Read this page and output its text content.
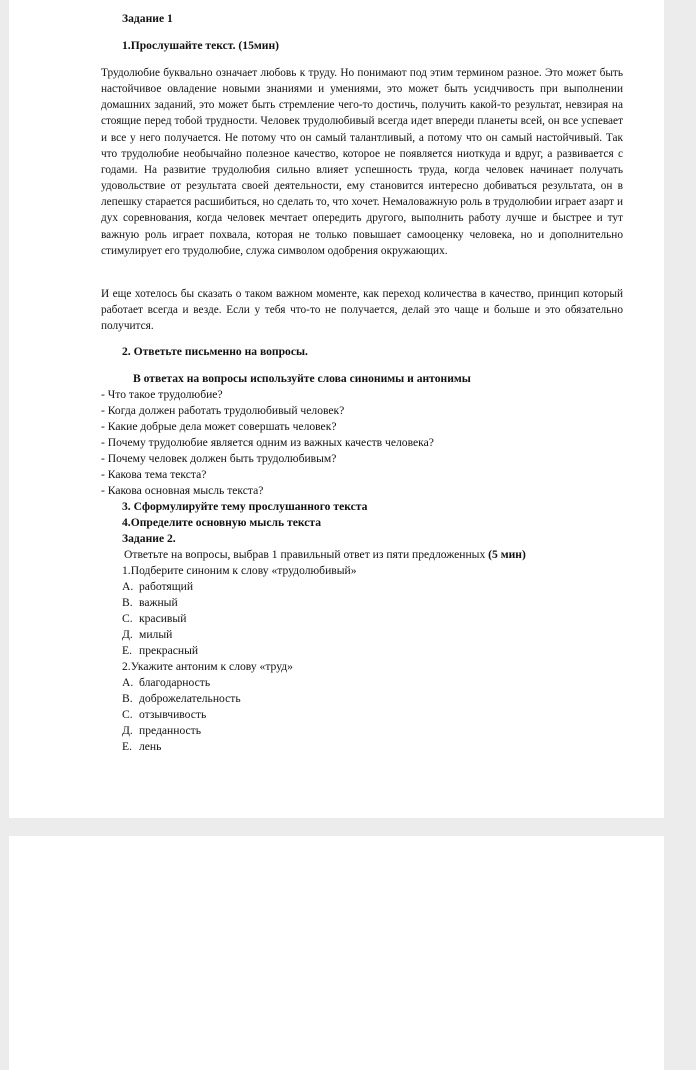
Задание 1
1.Прослушайте текст. (15мин)
Трудолюбие буквально означает любовь к труду. Но понимают под этим термином разное. Это может быть настойчивое овладение новыми знаниями и умениями, это может быть усидчивость при выполнении домашних заданий, это может быть стремление чего-то достичь, получить какой-то результат, невзирая на стоящие перед тобой трудности. Человек трудолюбивый всегда идет впереди планеты всей, он все успевает и все у него получается. Не потому что он самый талантливый, а потому что он самый настойчивый. Так что трудолюбие необычайно полезное качество, которое не появляется ниоткуда и вдруг, а развивается с годами. На развитие трудолюбия сильно влияет успешность труда, когда человек начинает получать удовольствие от результата своей деятельности, ему становится интересно добиваться результата, он в лепешку старается расшибиться, но сделать то, что хочет. Немаловажную роль в трудолюбии играет азарт и дух соревнования, когда человек мечтает опередить другого, выполнить работу лучше и быстрее и тут важную роль играет похвала, которая не только повышает самооценку человека, но и дополнительно стимулирует его трудолюбие, служа символом одобрения окружающих.
И еще хотелось бы сказать о таком важном моменте, как переход количества в качество, принцип который работает всегда и везде. Если у тебя что-то не получается, делай это чаще и больше и это обязательно получится.
2. Ответьте письменно на вопросы.
В ответах на вопросы используйте слова синонимы и антонимы
- Что такое трудолюбие?
- Когда должен работать трудолюбивый человек?
- Какие добрые дела может совершать человек?
- Почему трудолюбие является одним из важных качеств человека?
- Почему человек должен быть трудолюбивым?
- Какова тема текста?
- Какова основная мысль текста?
3. Сформулируйте тему прослушанного текста
4.Определите основную мысль текста
Задание 2.
Ответьте на вопросы, выбрав 1 правильный ответ из пяти предложенных (5 мин)
1.Подберите синоним к слову «трудолюбивый»
A. работящий
B. важный
C. красивый
Д. милый
E. прекрасный
2.Укажите антоним к слову «труд»
A. благодарность
B. доброжелательность
C. отзывчивость
Д. преданность
E. лень
